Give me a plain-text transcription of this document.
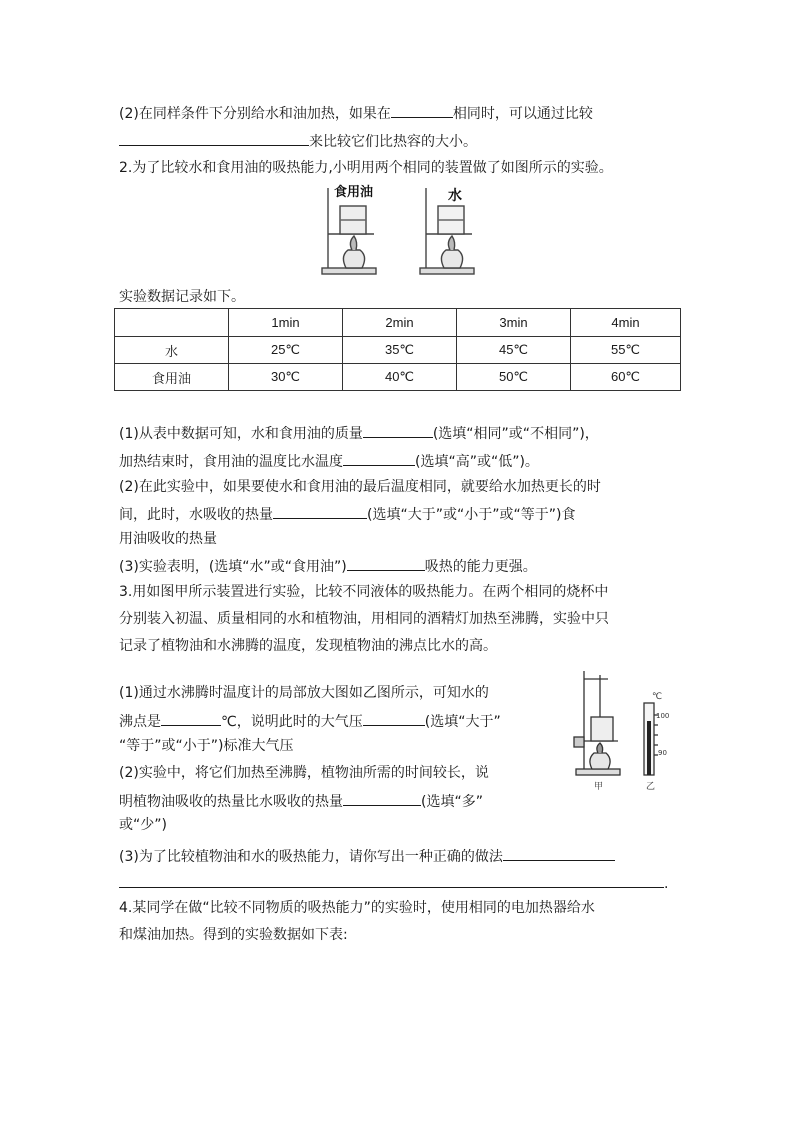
(2)在同样条件下分别给水和油加热，如果在	相同时，可以通过比较
来比较它们比热容的大小。
2.为了比较水和食用油的吸热能力,小明用两个相同的装置做了如图所示的实验。
食用油	水
实验数据记录如下。
	1min	2min	3min	4min
水	25℃	35℃	45℃	55℃
食用油	30℃	40℃	50℃	60℃
(1)从表中数据可知，水和食用油的质量	(选填“相同”或“不相同”)，
加热结束时，食用油的温度比水温度	(选填“高”或“低”)。
(2)在此实验中，如果要使水和食用油的最后温度相同，就要给水加热更长的时
间，此时，水吸收的热量	(选填“大于”或“小于”或“等于”)食
用油吸收的热量
(3)实验表明，(选填“水”或“食用油”)	吸热的能力更强。
3.用如图甲所示装置进行实验，比较不同液体的吸热能力。在两个相同的烧杯中
分别装入初温、质量相同的水和植物油，用相同的酒精灯加热至沸腾，实验中只
记录了植物油和水沸腾的温度，发现植物油的沸点比水的高。
(1)通过水沸腾时温度计的局部放大图如乙图所示，可知水的
沸点是	℃，说明此时的大气压	(选填“大于”
“等于”或“小于”)标准大气压
(2)实验中，将它们加热至沸腾，植物油所需的时间较长，说
明植物油吸收的热量比水吸收的热量	(选填“多”
或“少”)
(3)为了比较植物油和水的吸热能力，请你写出一种正确的做法
.
℃
100
90
甲	乙
4.某同学在做“比较不同物质的吸热能力”的实验时，使用相同的电加热器给水
和煤油加热。得到的实验数据如下表:
